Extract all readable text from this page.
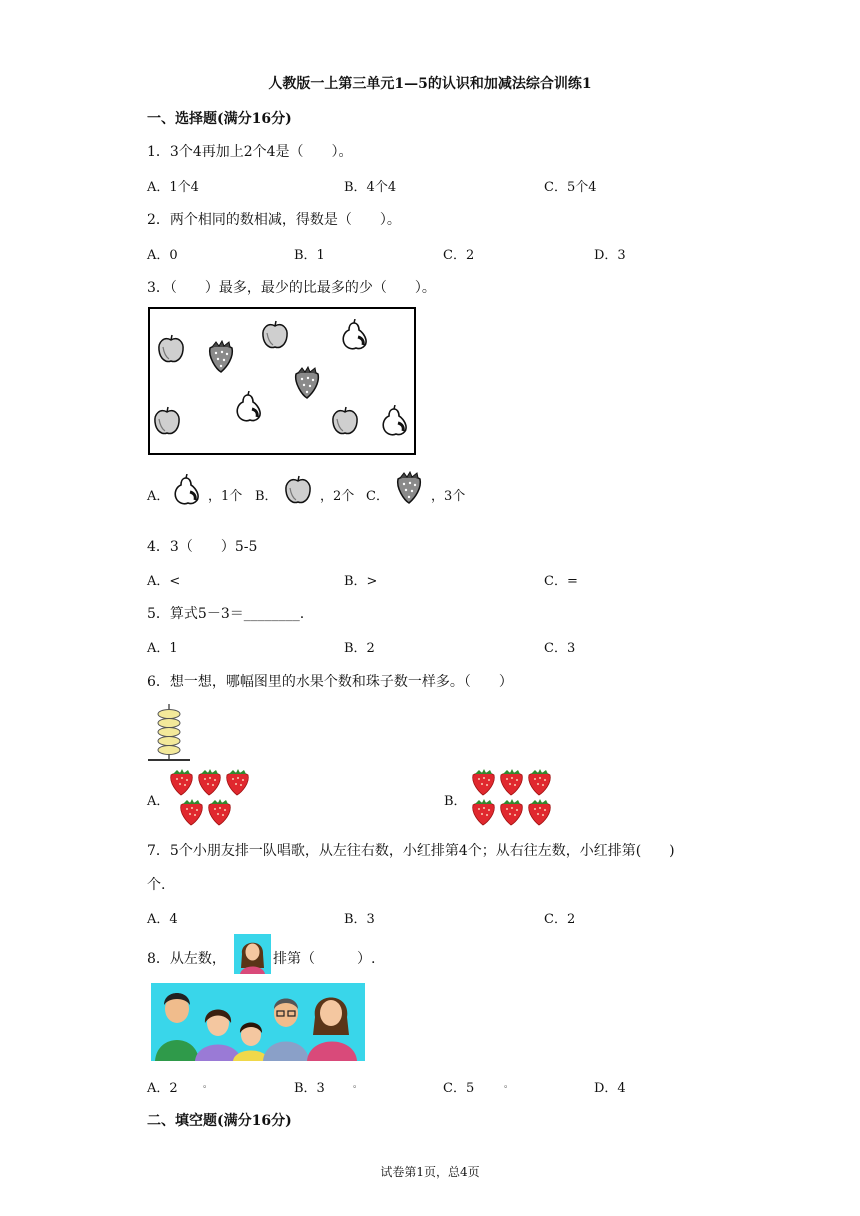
人教版一上第三单元1—5的认识和加减法综合训练1
一、选择题(满分16分)
1．3个4再加上2个4是（　　）。
A．1个4	B．4个4	C．5个4
2．两个相同的数相减，得数是（　　）。
A．0	B．1	C．2	D．3
3．（　　）最多，最少的比最多的少（　　）。
A．	，1个 B．	，2个 C．	，3个
4．3（　　）5-5
A．<	B．>	C．=
5．算式5－3＝________.
A．1	B．2	C．3
6．想一想，哪幅图里的水果个数和珠子数一样多。（　　）
A．	B．
7．5个小朋友排一队唱歌，从左往右数，小红排第4个；从右往左数，小红排第(　　)
个.
A．4	B．3	C．2
8．从左数，	排第（　　　）.
A．2	。	B．3	。	C．5	。	D．4
二、填空题(满分16分)
试卷第1页，总4页
